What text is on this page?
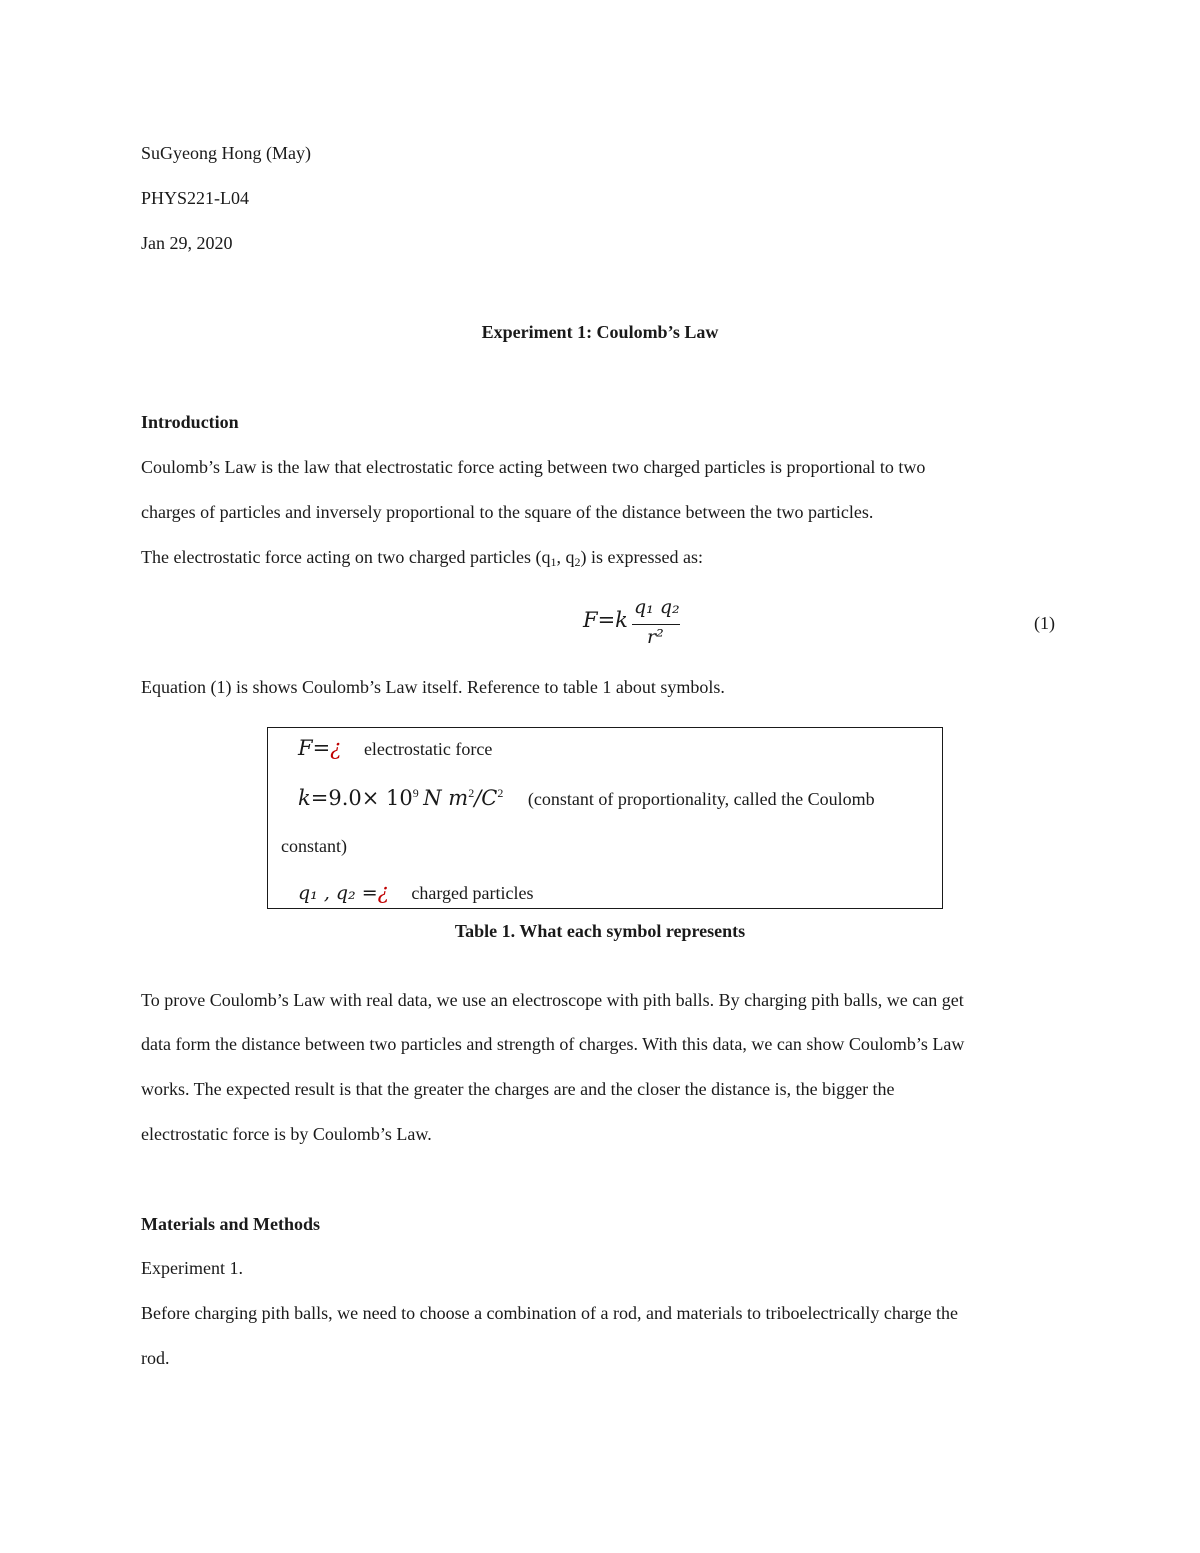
SuGyeong Hong (May)
PHYS221-L04
Jan 29, 2020
Experiment 1: Coulomb’s Law
Introduction
Coulomb’s Law is the law that electrostatic force acting between two charged particles is proportional to two
charges of particles and inversely proportional to the square of the distance between the two particles.
The electrostatic force acting on two charged particles ($q_1$, $q_2$) is expressed as:
F=k
q₁ q₂
r²
(1)
Equation (1) is shows Coulomb’s Law itself. Reference to table 1 about symbols.
F=¿ electrostatic force
$k=9.0\times 10^9$ N $m^2/C^2$ (constant of proportionality, called the Coulomb
constant)
q₁ , q₂ =¿ charged particles
Table 1. What each symbol represents
To prove Coulomb’s Law with real data, we use an electroscope with pith balls. By charging pith balls, we can get
data form the distance between two particles and strength of charges. With this data, we can show Coulomb’s Law
works. The expected result is that the greater the charges are and the closer the distance is, the bigger the
electrostatic force is by Coulomb’s Law.
Materials and Methods
Experiment 1.
Before charging pith balls, we need to choose a combination of a rod, and materials to triboelectrically charge the
rod.
